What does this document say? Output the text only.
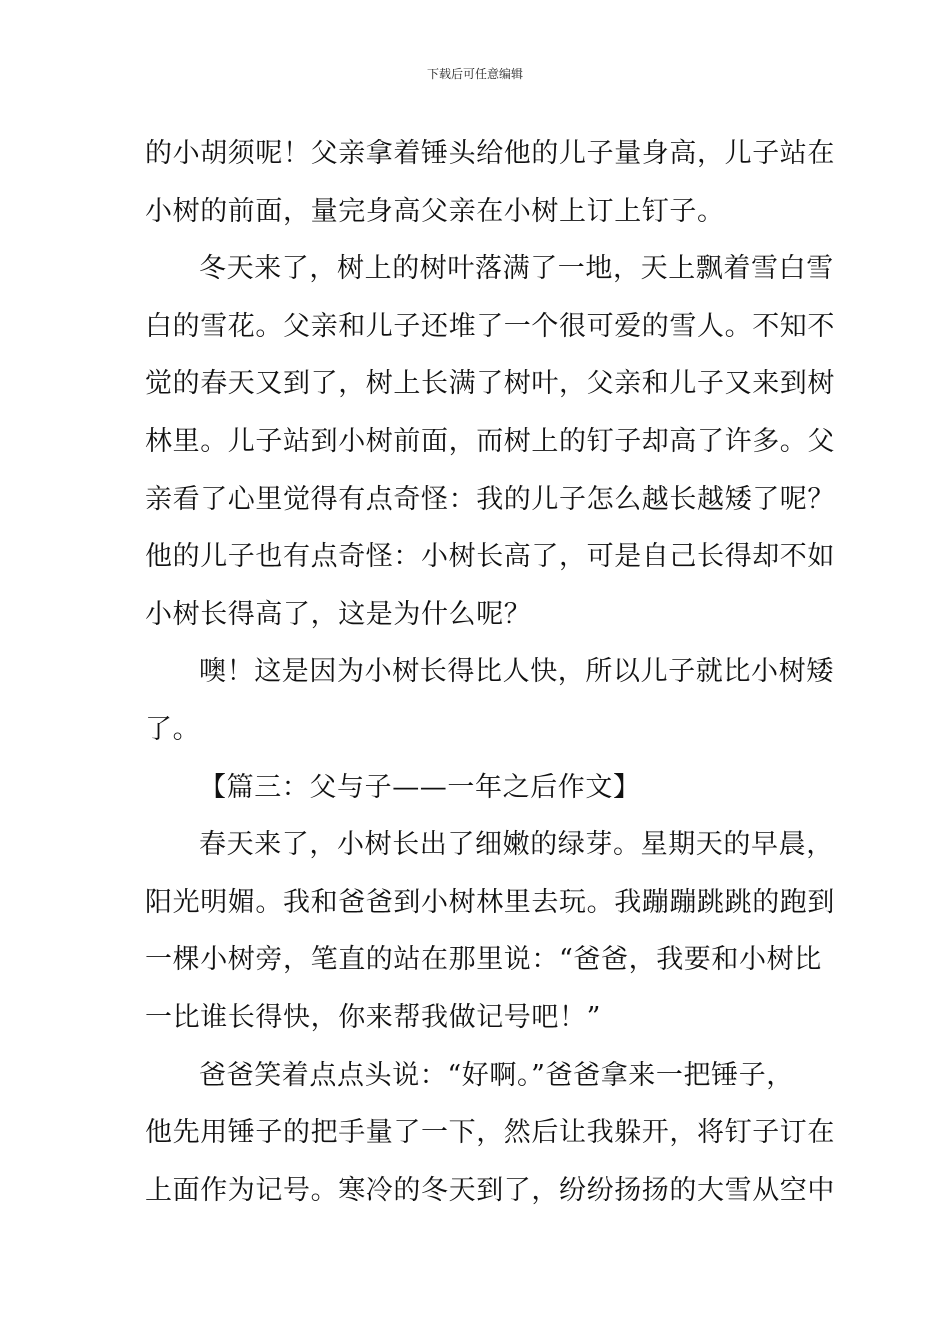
下载后可任意编辑
的小胡须呢！父亲拿着锤头给他的儿子量身高，儿子站在
小树的前面，量完身高父亲在小树上订上钉子。
冬天来了，树上的树叶落满了一地，天上飘着雪白雪
白的雪花。父亲和儿子还堆了一个很可爱的雪人。不知不
觉的春天又到了，树上长满了树叶，父亲和儿子又来到树
林里。儿子站到小树前面，而树上的钉子却高了许多。父
亲看了心里觉得有点奇怪：我的儿子怎么越长越矮了呢？
他的儿子也有点奇怪：小树长高了，可是自己长得却不如
小树长得高了，这是为什么呢？
噢！这是因为小树长得比人快，所以儿子就比小树矮
了。
【篇三：父与子——一年之后作文】
春天来了，小树长出了细嫩的绿芽。星期天的早晨，
阳光明媚。我和爸爸到小树林里去玩。我蹦蹦跳跳的跑到
一棵小树旁，笔直的站在那里说：“爸爸，我要和小树比
一比谁长得快，你来帮我做记号吧！”
爸爸笑着点点头说：“好啊。”爸爸拿来一把锤子，
他先用锤子的把手量了一下，然后让我躲开，将钉子订在
上面作为记号。寒冷的冬天到了，纷纷扬扬的大雪从空中
